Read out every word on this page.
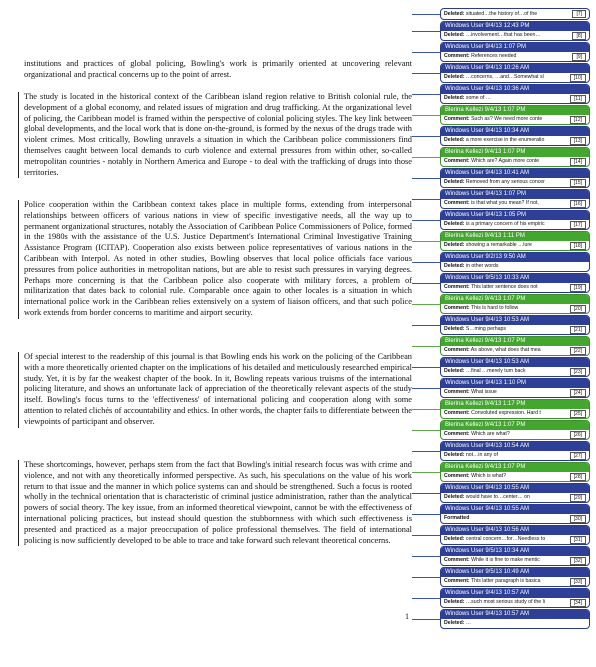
institutions and practices of global policing, Bowling's work is primarily oriented at uncovering relevant organizational and practical concerns up to the point of arrest.

The study is located in the historical context of the Caribbean island region relative to British colonial rule, the development of a global economy, and related issues of migration and drug trafficking. At the organizational level of policing, the Caribbean model is framed within the perspective of colonial policing styles. The key link between global developments, and the local work that is done on-the-ground, is formed by the nexus of the drugs trade with violent crimes. Most critically, Bowling unravels a situation in which the Caribbean police commissioners find themselves caught between local demands to curb violence and external pressures from within other, so-called metropolitan countries - notably in Northern America and Europe - to deal with the trafficking of drugs into those territories.

Police cooperation within the Caribbean context takes place in multiple forms, extending from interpersonal relationships between officers of various nations in view of specific investigative needs, all the way up to permanent organizational structures, notably the Association of Caribbean Police Commissioners of Police, formed in the 1980s with the assistance of the U.S. Justice Department's International Criminal Investigative Training Assistance Program (ICITAP). Cooperation also exists between police representatives of various nations in the Caribbean with Interpol. As noted in other studies, Bowling observes that local police officials face various pressures from police authorities in metropolitan nations, but are able to resist such pressures in varying degrees. Perhaps more concerning is that the Caribbean police also cooperate with military forces, a problem of militarization that dates back to colonial rule. Comparable once again to other locales is a situation in which international police work in the Caribbean relies extensively on a system of liaison officers, and that such police work extends from border concerns to maritime and airport security.

Of special interest to the readership of this journal is that Bowling ends his work on the policing of the Caribbean with a more theoretically oriented chapter on the implications of his detailed and meticulously researched empirical study. Yet, it is by far the weakest chapter of the book. In it, Bowling repeats various truisms of the international policing literature, and shows an unfortunate lack of appreciation of the theoretically relevant aspects of the study itself. Bowling's focus turns to the 'effectiveness' of international policing and cooperation along with some attention to related clichés of accountability and ethics. In other words, the chapter fails to differentiate between the viewpoints of participant and observer.

These shortcomings, however, perhaps stem from the fact that Bowling's initial research focus was with crime and violence, and not with any theoretically informed perspective. As such, his speculations on the value of his work return to that issue and the manner in which police systems can and should be strengthened. Such a focus is rooted wholly in the technical orientation that is characteristic of criminal justice administration, rather than the analytical powers of social theory. The key issue, from an informed theoretical viewpoint, cannot be with the effectiveness of international policing practices, but instead should question the stubbornness with which such effectiveness is presented and practiced as a major preoccupation of police professional themselves. The field of international policing is now sufficiently developed to be able to trace and take forward such relevant theoretical concerns.

1
Deleted: situated…the history of…of the	[7]
Windows User 9/4/13 12:43 PM
Deleted: …involvement…that has been…	[8]
Windows User 9/4/13 1:07 PM
Comment: References needed	[9]
Windows User 9/4/13 10:26 AM
Deleted: …concerns, …and…Somewhat sl	[10]
Windows User 9/4/13 10:36 AM
Deleted: some of …	[11]
Blerina Kellezi 9/4/13 1:07 PM
Comment: Such as? We need more conte	[12]
Windows User 9/4/13 10:34 AM
Deleted: a more exercise in the enumeratio	[13]
Blerina Kellezi 9/4/13 1:07 PM
Comment: Which are? Again more conte	[14]
Windows User 9/4/13 10:41 AM
Deleted: Removed from any serious concer	[15]
Windows User 9/4/13 1:07 PM
Comment: is that what you mean? If not,	[16]
Windows User 9/4/13 1:05 PM
Deleted: is a primary concern of his empiric	[17]
Blerina Kellezi 9/4/13 1:11 PM
Deleted: showing a remarkable …lure	[18]
Windows User 9/2/13 9:50 AM
Deleted: in other words
Windows User 9/5/13 10:33 AM
Comment: This latter sentence does not	[19]
Blerina Kellezi 9/4/13 1:07 PM
Comment: This is hard to follow	[20]
Windows User 9/4/13 10:53 AM
Deleted: S…ming perhaps	[21]
Blerina Kellezi 9/4/13 1:07 PM
Comment: As above, what does that mea	[22]
Windows User 9/4/13 10:53 AM
Deleted: …final …merely turn back	[23]
Windows User 9/4/13 1:10 PM
Comment: What issue	[24]
Blerina Kellezi 9/4/13 1:17 PM
Comment: Convoluted expression. Hard t	[25]
Blerina Kellezi 9/4/13 1:07 PM
Comment: Which are what?	[26]
Windows User 9/4/13 10:54 AM
Deleted: not…in any of	[27]
Blerina Kellezi 9/4/13 1:07 PM
Comment: Which is what?	[28]
Windows User 9/4/13 10:55 AM
Deleted: would have to…center… on	[29]
Windows User 9/4/13 10:55 AM
Formatted	[30]
Windows User 9/4/13 10:56 AM
Deleted: central concern…for…Needless to	[31]
Windows User 9/5/13 10:34 AM
Comment: While it is fine to make mentic	[32]
Windows User 9/5/13 10:49 AM
Comment: This latter paragraph is basica	[33]
Windows User 9/4/13 10:57 AM
Deleted: …such most serious study of the li	[34]
Windows User 9/4/13 10:57 AM
Deleted: …
